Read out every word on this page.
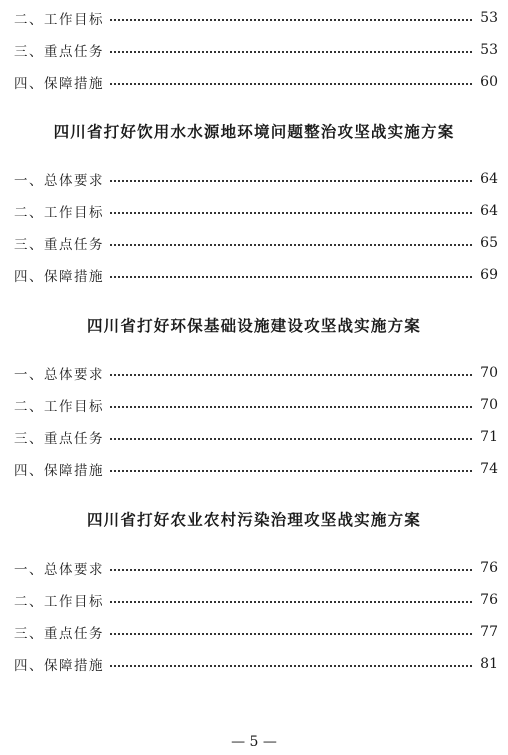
二、工作目标	53
三、重点任务	53
四、保障措施	60
四川省打好饮用水水源地环境问题整治攻坚战实施方案
一、总体要求	64
二、工作目标	64
三、重点任务	65
四、保障措施	69
四川省打好环保基础设施建设攻坚战实施方案
一、总体要求	70
二、工作目标	70
三、重点任务	71
四、保障措施	74
四川省打好农业农村污染治理攻坚战实施方案
一、总体要求	76
二、工作目标	76
三、重点任务	77
四、保障措施	81
— 5 —
